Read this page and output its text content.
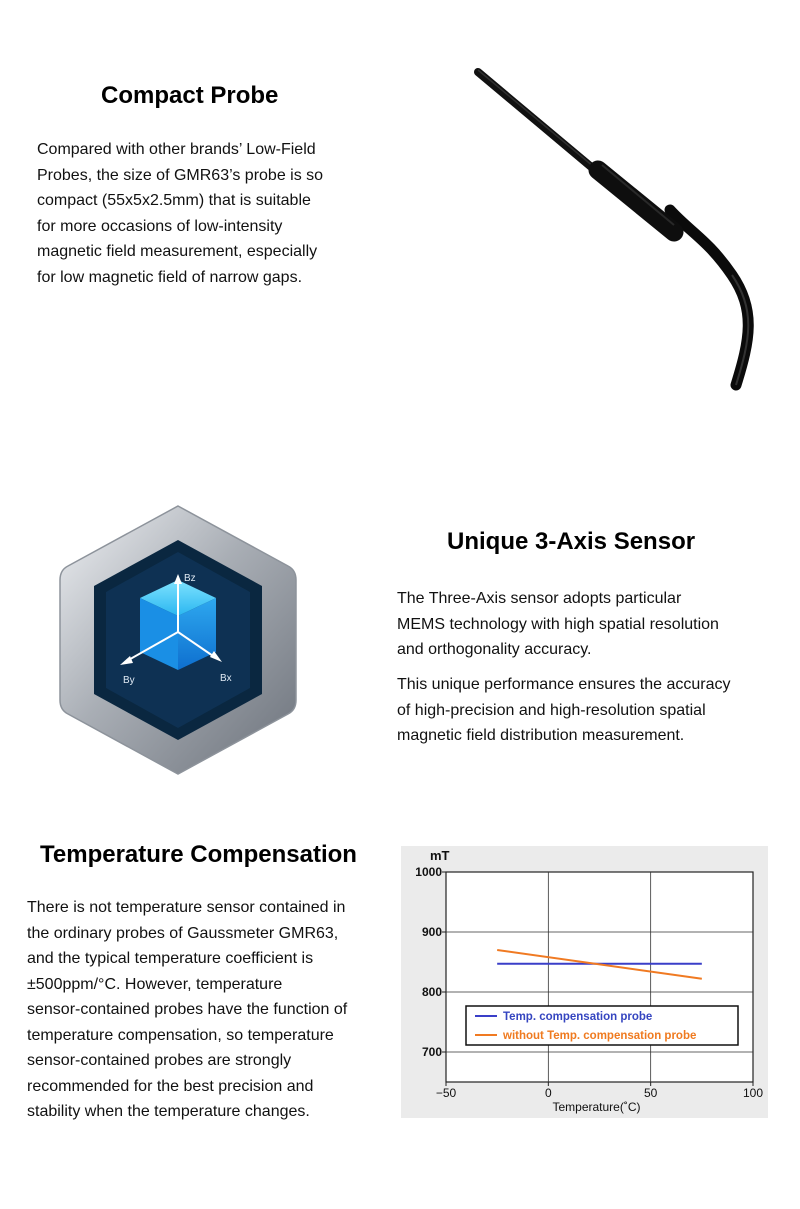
Compact Probe

Compared with other brands’ Low-Field

Probes, the size of GMR63’s probe is so

compact (55x5x2.5mm) that is suitable

for more occasions of low-intensity

magnetic field measurement, especially

for low magnetic field of narrow gaps.

Bz
By	Bx
Unique 3-Axis Sensor

The Three-Axis sensor adopts particular

MEMS technology with high spatial resolution

and orthogonality accuracy.

This unique performance ensures the accuracy

of high-precision and high-resolution spatial

magnetic field distribution measurement.

Temperature Compensation

There is not temperature sensor contained in

the ordinary probes of Gaussmeter GMR63,

and the typical temperature coefficient is

±500ppm/°C. However, temperature

sensor-contained probes have the function of

temperature compensation, so temperature

sensor-contained probes are strongly

recommended for the best precision and

stability when the temperature changes.

−50	0	50	100
1000
900
800
700
mT
Temperature(˚C)
Temp. compensation probe
without Temp. compensation probe
